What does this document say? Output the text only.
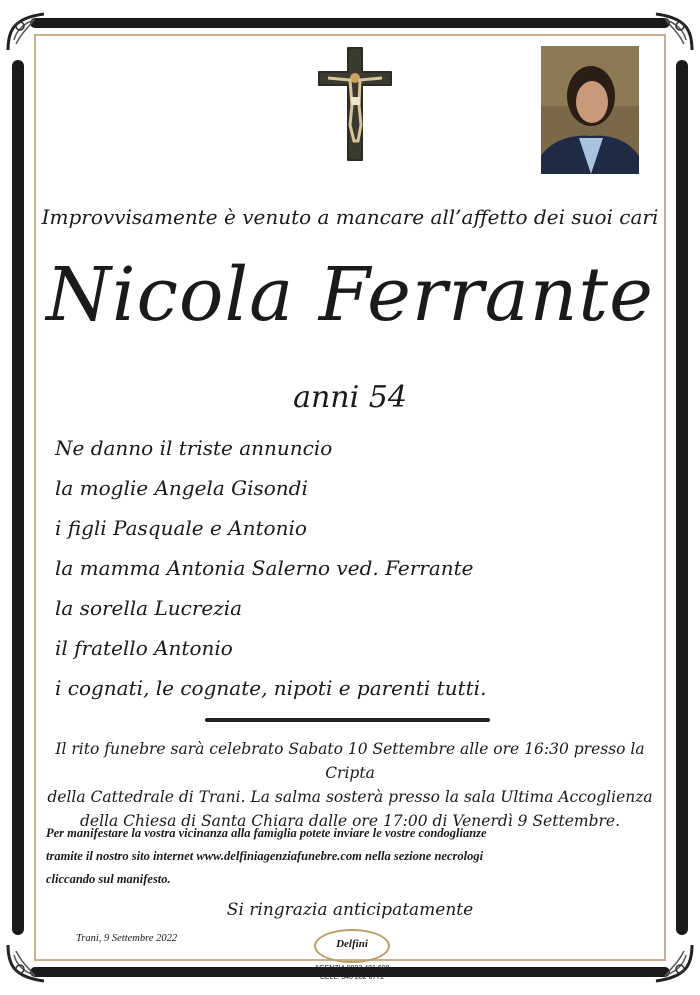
Improvvisamente è venuto a mancare all’affetto dei suoi cari
Nicola Ferrante
anni 54
Ne danno il triste annuncio
la moglie Angela Gisondi
i figli Pasquale e Antonio
la mamma Antonia Salerno ved. Ferrante
la sorella Lucrezia
il fratello Antonio
i cognati, le cognate, nipoti e parenti tutti.
Il rito funebre sarà celebrato Sabato 10 Settembre alle ore 16:30 presso la Cripta
della Cattedrale di Trani. La salma sosterà presso la sala Ultima Accoglienza
della Chiesa di Santa Chiara dalle ore 17:00 di Venerdì 9 Settembre.
Per manifestare la vostra vicinanza alla famiglia potete inviare le vostre condoglianze
tramite il nostro sito internet www.delfiniagenziafunebre.com nella sezione necrologi
cliccando sul manifesto.
Si ringrazia anticipatamente
Trani, 9 Settembre 2022	Delfini
AGENZIA 0883 481 608
CELL. 340 282 6772
